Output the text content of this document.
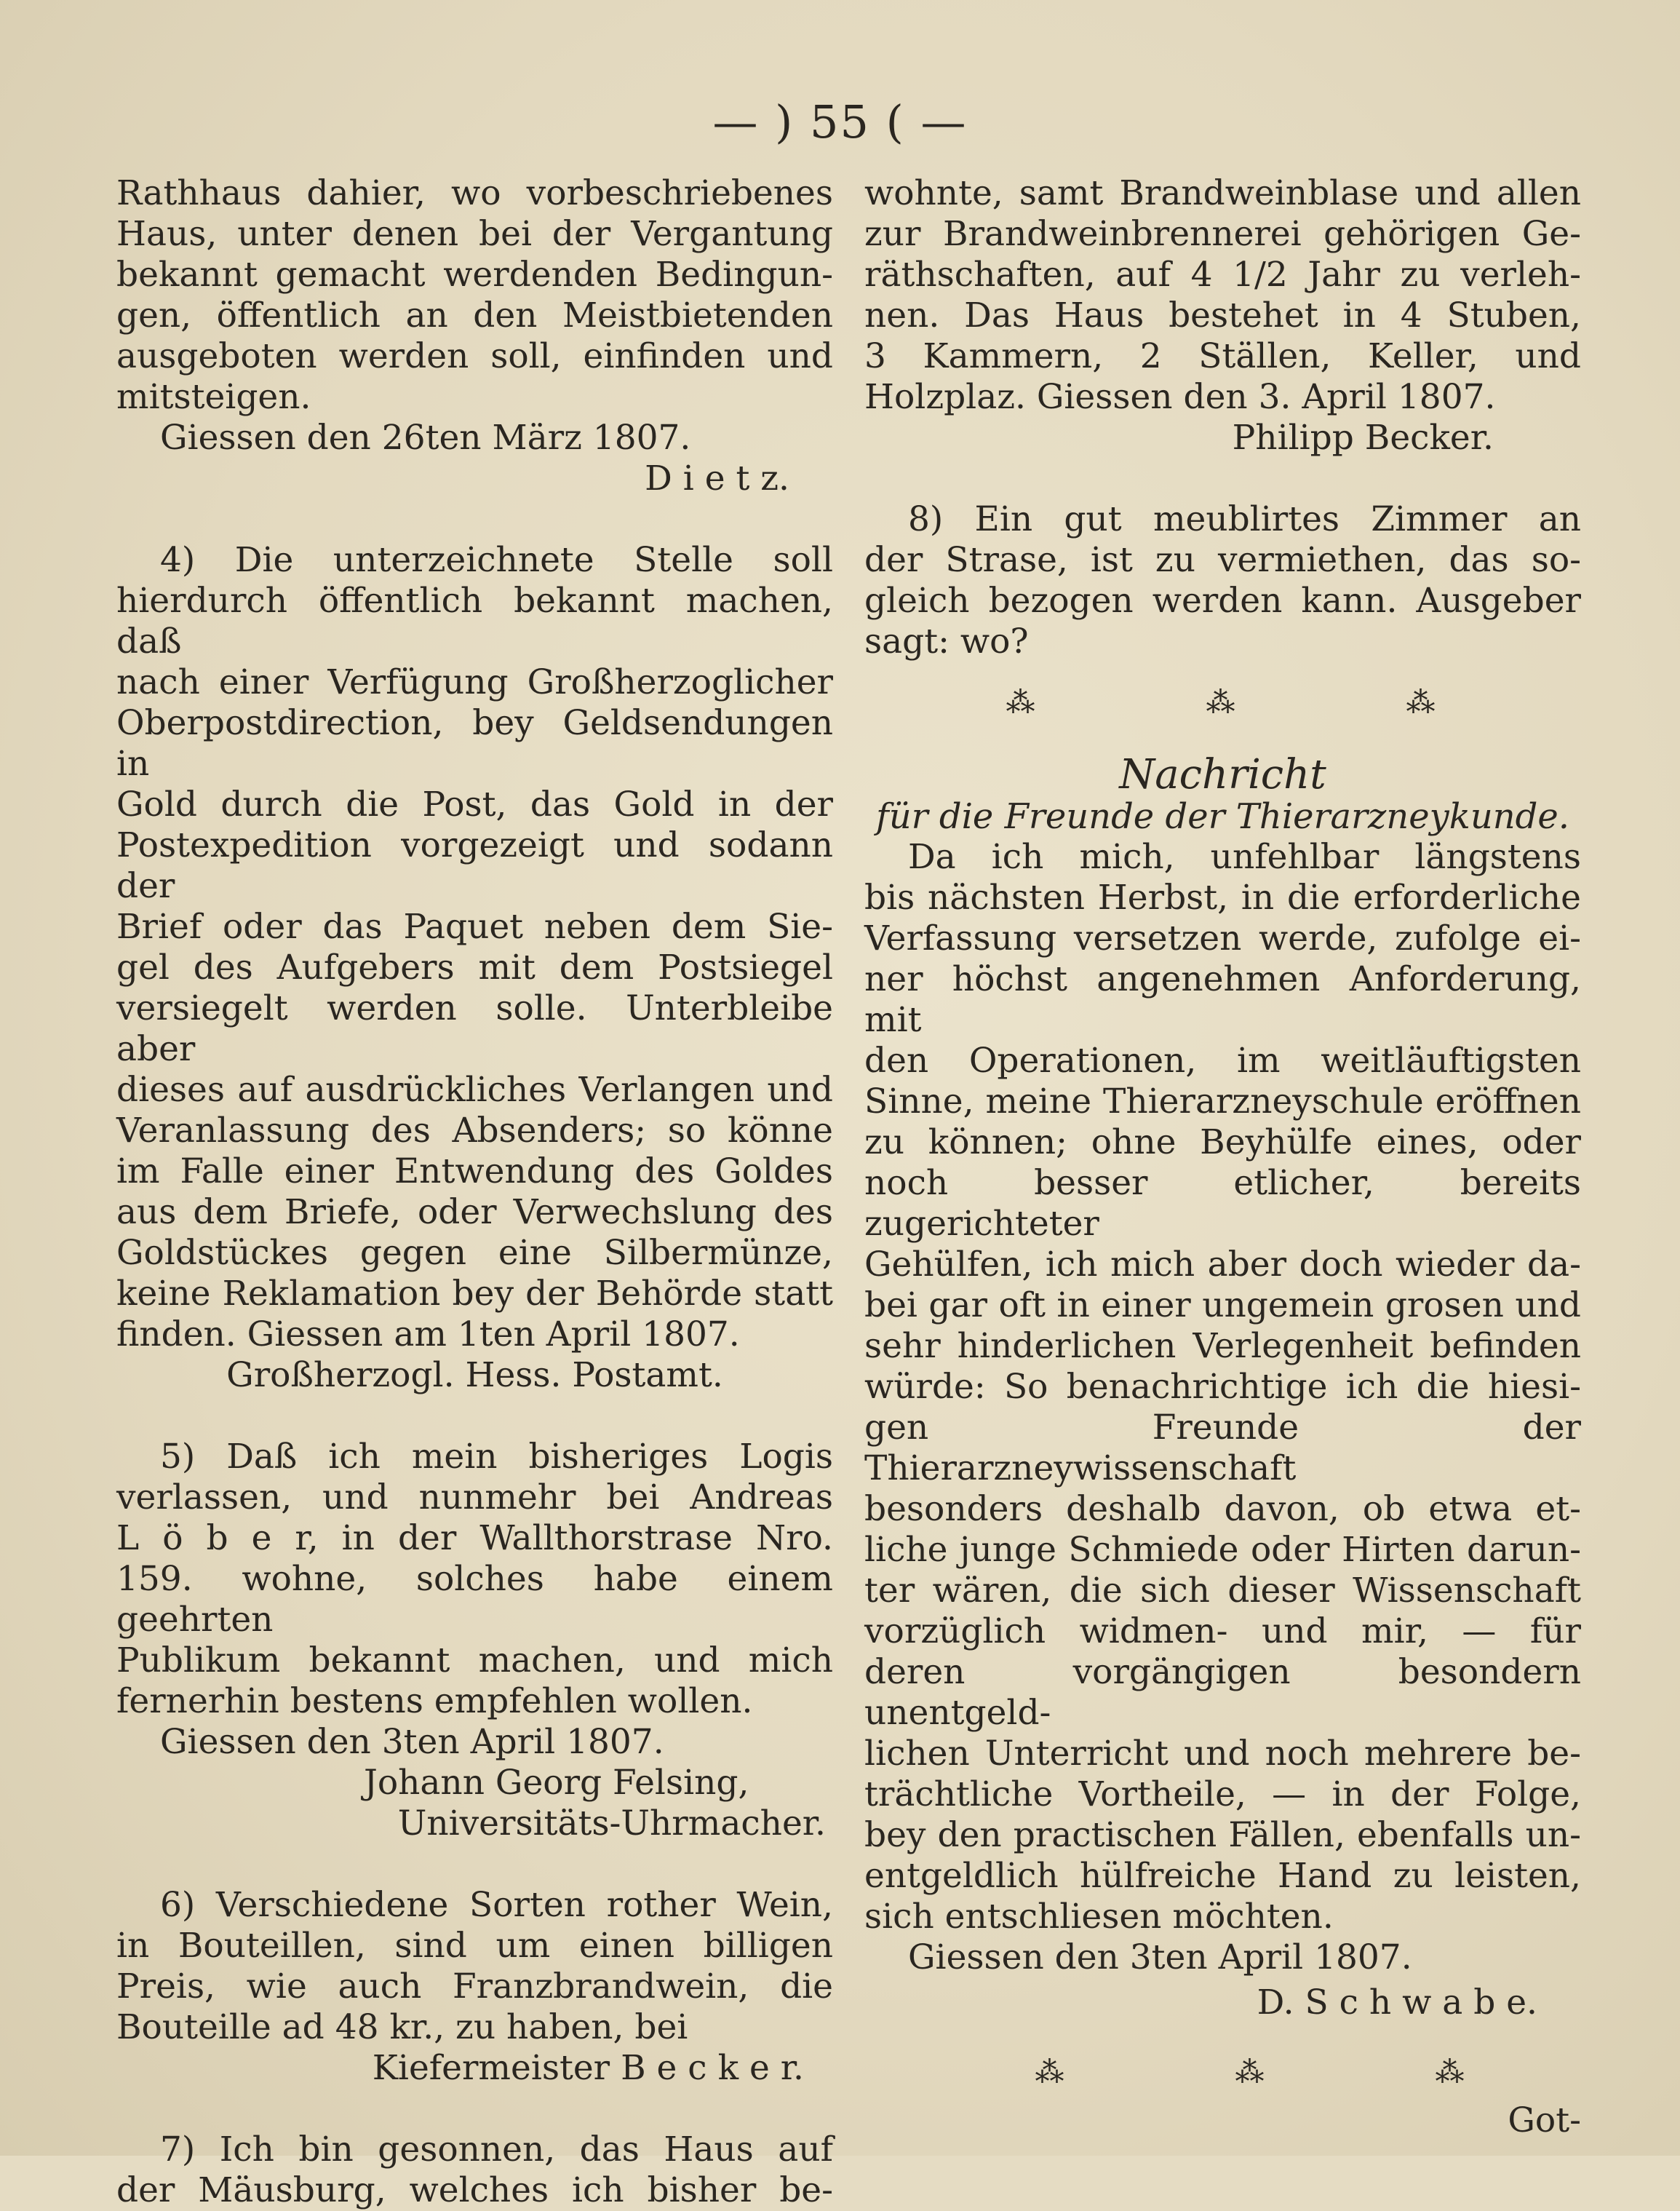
— ) 55 ( —

Rathhaus dahier, wo vorbeschriebenes

Haus, unter denen bei der Vergantung

bekannt gemacht werdenden Bedingun-

gen, öffentlich an den Meistbietenden

ausgeboten werden soll, einfinden und

mitsteigen.

Giessen den 26ten März 1807.

D i e t z.

4) Die unterzeichnete Stelle soll

hierdurch öffentlich bekannt machen, daß

nach einer Verfügung Großherzoglicher

Oberpostdirection, bey Geldsendungen in

Gold durch die Post, das Gold in der

Postexpedition vorgezeigt und sodann der

Brief oder das Paquet neben dem Sie-

gel des Aufgebers mit dem Postsiegel

versiegelt werden solle. Unterbleibe aber

dieses auf ausdrückliches Verlangen und

Veranlassung des Absenders; so könne

im Falle einer Entwendung des Goldes

aus dem Briefe, oder Verwechslung des

Goldstückes gegen eine Silbermünze,

keine Reklamation bey der Behörde statt

finden. Giessen am 1ten April 1807.

Großherzogl. Hess. Postamt.

5) Daß ich mein bisheriges Logis

verlassen, und nunmehr bei Andreas

L ö b e r, in der Wallthorstrase Nro.

159. wohne, solches habe einem geehrten

Publikum bekannt machen, und mich

fernerhin bestens empfehlen wollen.

Giessen den 3ten April 1807.

Johann Georg Felsing,

Universitäts-Uhrmacher.

6) Verschiedene Sorten rother Wein,

in Bouteillen, sind um einen billigen

Preis, wie auch Franzbrandwein, die

Bouteille ad 48 kr., zu haben, bei

Kiefermeister B e c k e r.

7) Ich bin gesonnen, das Haus auf

der Mäusburg, welches ich bisher be-

wohnte, samt Brandweinblase und allen

zur Brandweinbrennerei gehörigen Ge-

räthschaften, auf 4 1/2 Jahr zu verleh-

nen. Das Haus bestehet in 4 Stuben,

3 Kammern, 2 Ställen, Keller, und

Holzplaz. Giessen den 3. April 1807.

Philipp Becker.

8) Ein gut meublirtes Zimmer an

der Strase, ist zu vermiethen, das so-

gleich bezogen werden kann. Ausgeber

sagt: wo?

⁂	⁂	⁂

Nachricht

für die Freunde der Thierarzneykunde.

Da ich mich, unfehlbar längstens

bis nächsten Herbst, in die erforderliche

Verfassung versetzen werde, zufolge ei-

ner höchst angenehmen Anforderung, mit

den Operationen, im weitläuftigsten

Sinne, meine Thierarzneyschule eröffnen

zu können; ohne Beyhülfe eines, oder

noch besser etlicher, bereits zugerichteter

Gehülfen, ich mich aber doch wieder da-

bei gar oft in einer ungemein grosen und

sehr hinderlichen Verlegenheit befinden

würde: So benachrichtige ich die hiesi-

gen Freunde der Thierarzneywissenschaft

besonders deshalb davon, ob etwa et-

liche junge Schmiede oder Hirten darun-

ter wären, die sich dieser Wissenschaft

vorzüglich widmen- und mir, — für

deren vorgängigen besondern unentgeld-

lichen Unterricht und noch mehrere be-

trächtliche Vortheile, — in der Folge,

bey den practischen Fällen, ebenfalls un-

entgeldlich hülfreiche Hand zu leisten,

sich entschliesen möchten.

Giessen den 3ten April 1807.

D. S c h w a b e.

⁂	⁂	⁂

Got-
